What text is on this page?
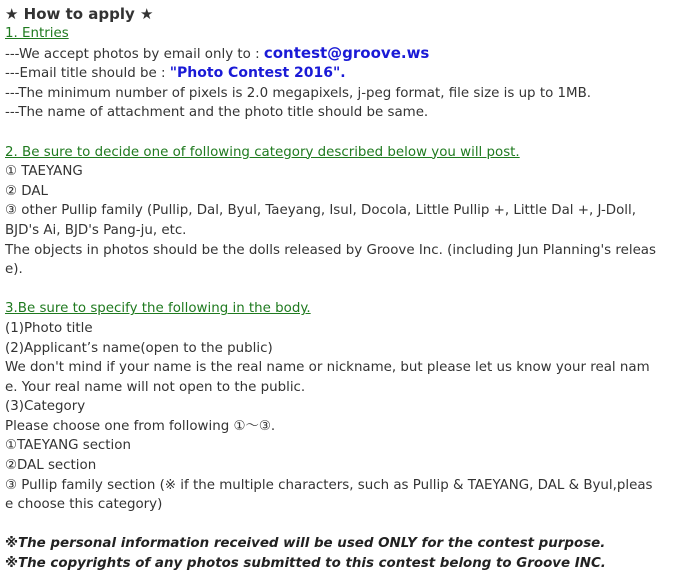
★ How to apply ★
1. Entries
---We accept photos by email only to : contest@groove.ws
---Email title should be : "Photo Contest 2016".
---The minimum number of pixels is 2.0 megapixels, j-peg format, file size is up to 1MB.
---The name of attachment and the photo title should be same.
2. Be sure to decide one of following category described below you will post.
① TAEYANG
② DAL
③ other Pullip family (Pullip, Dal, Byul, Taeyang, Isul, Docola, Little Pullip +, Little Dal +, J-Doll,
BJD's Ai, BJD's Pang-ju, etc.
The objects in photos should be the dolls released by Groove Inc. (including Jun Planning's releas
e).
3.Be sure to specify the following in the body.
(1)Photo title
(2)Applicant’s name(open to the public)
We don't mind if your name is the real name or nickname, but please let us know your real nam
e. Your real name will not open to the public.
(3)Category
Please choose one from following ①～③.
①TAEYANG section
②DAL section
③ Pullip family section (※ if the multiple characters, such as Pullip & TAEYANG, DAL & Byul,pleas
e choose this category)
※The personal information received will be used ONLY for the contest purpose.
※The copyrights of any photos submitted to this contest belong to Groove INC.
